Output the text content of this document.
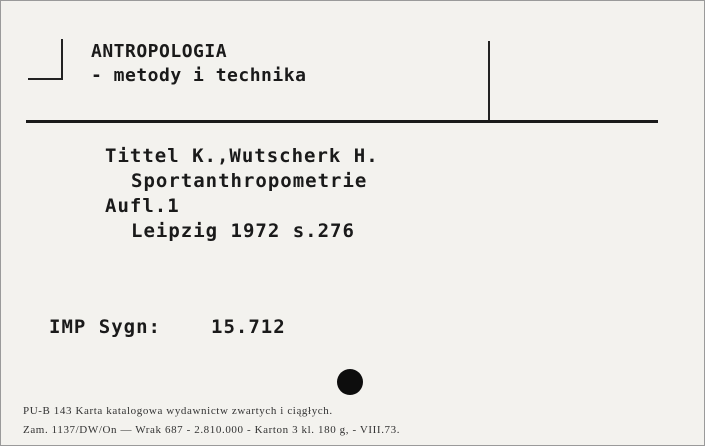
ANTROPOLOGIA
- metody i technika
Tittel K.,Wutscherk H.
Sportanthropometrie
Aufl.1
Leipzig 1972 s.276
IMP Sygn:	15.712
PU-B 143 Karta katalogowa wydawnictw zwartych i ciągłych.
Zam. 1137/DW/On — Wrak 687 - 2.810.000 - Karton 3 kl. 180 g, - VIII.73.
